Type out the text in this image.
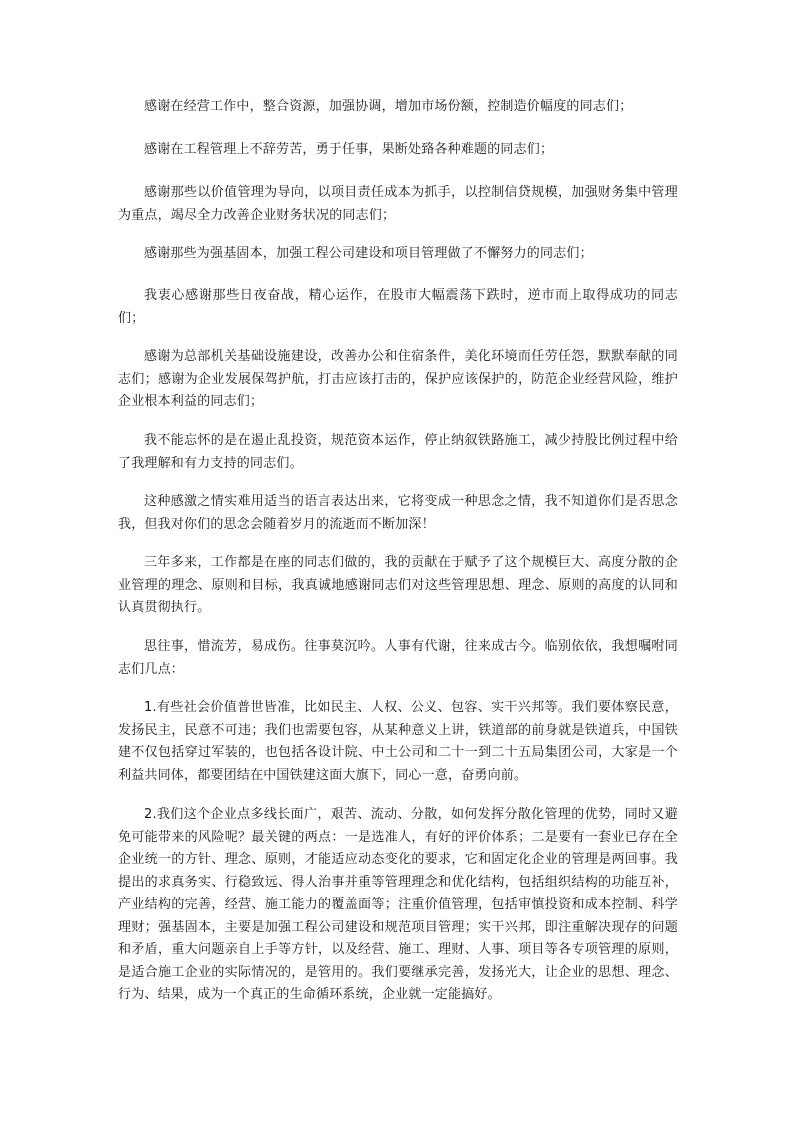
感谢在经营工作中，整合资源，加强协调，增加市场份额，控制造价幅度的同志们；

感谢在工程管理上不辞劳苦，勇于任事，果断处臵各种难题的同志们；

感谢那些以价值管理为导向，以项目责任成本为抓手，以控制信贷规模，加强财务集中管理为重点，竭尽全力改善企业财务状况的同志们；

感谢那些为强基固本，加强工程公司建设和项目管理做了不懈努力的同志们；

我衷心感谢那些日夜奋战，精心运作，在股市大幅震荡下跌时，逆市而上取得成功的同志们；

感谢为总部机关基础设施建设，改善办公和住宿条件，美化环境而任劳任怨，默默奉献的同志们；感谢为企业发展保驾护航，打击应该打击的，保护应该保护的，防范企业经营风险，维护企业根本利益的同志们；

我不能忘怀的是在遏止乱投资，规范资本运作，停止纳叙铁路施工，减少持股比例过程中给了我理解和有力支持的同志们。

这种感激之情实难用适当的语言表达出来，它将变成一种思念之情，我不知道你们是否思念我，但我对你们的思念会随着岁月的流逝而不断加深！

三年多来，工作都是在座的同志们做的，我的贡献在于赋予了这个规模巨大、高度分散的企业管理的理念、原则和目标，我真诚地感谢同志们对这些管理思想、理念、原则的高度的认同和认真贯彻执行。

思往事，惜流芳，易成伤。往事莫沉吟。人事有代谢，往来成古今。临别依依，我想嘱咐同志们几点：

1.有些社会价值普世皆准，比如民主、人权、公义、包容、实干兴邦等。我们要体察民意，发扬民主，民意不可违；我们也需要包容，从某种意义上讲，铁道部的前身就是铁道兵，中国铁建不仅包括穿过军装的，也包括各设计院、中土公司和二十一到二十五局集团公司，大家是一个利益共同体，都要团结在中国铁建这面大旗下，同心一意，奋勇向前。

2.我们这个企业点多线长面广，艰苦、流动、分散，如何发挥分散化管理的优势，同时又避免可能带来的风险呢？最关键的两点：一是选准人，有好的评价体系；二是要有一套业已存在全企业统一的方针、理念、原则，才能适应动态变化的要求，它和固定化企业的管理是两回事。我提出的求真务实、行稳致远、得人治事并重等管理理念和优化结构，包括组织结构的功能互补，产业结构的完善，经营、施工能力的覆盖面等；注重价值管理，包括审慎投资和成本控制、科学理财；强基固本，主要是加强工程公司建设和规范项目管理；实干兴邦，即注重解决现存的问题和矛盾，重大问题亲自上手等方针，以及经营、施工、理财、人事、项目等各专项管理的原则，是适合施工企业的实际情况的，是管用的。我们要继承完善，发扬光大，让企业的思想、理念、行为、结果，成为一个真正的生命循环系统，企业就一定能搞好。
